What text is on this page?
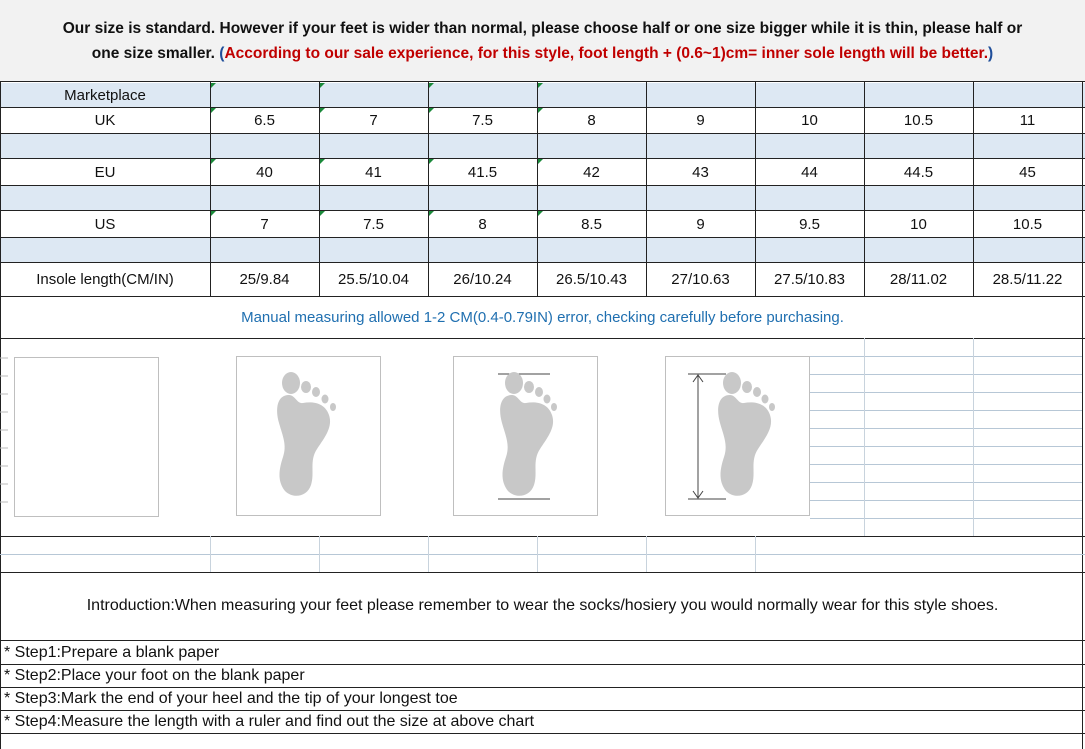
Our size is standard. However if your feet is wider than normal, please choose half or one size bigger while it is thin, please half or
one size smaller. (According to our sale experience, for this style, foot length + (0.6~1)cm= inner sole length will be better.)
Marketplace
UK	6.5	7	7.5	8	9	10	10.5	11
EU	40	41	41.5	42	43	44	44.5	45
US	7	7.5	8	8.5	9	9.5	10	10.5
Insole length(CM/IN)	25/9.84	25.5/10.04	26/10.24	26.5/10.43	27/10.63	27.5/10.83	28/11.02	28.5/11.22
Manual measuring allowed 1-2 CM(0.4-0.79IN) error, checking carefully before purchasing.
Introduction:When measuring your feet please remember to wear the socks/hosiery you would normally wear for this style shoes.
* Step1:Prepare a blank paper
* Step2:Place your foot on the blank paper
* Step3:Mark the end of your heel and the tip of your longest toe
* Step4:Measure the length with a ruler and find out the size at above chart
